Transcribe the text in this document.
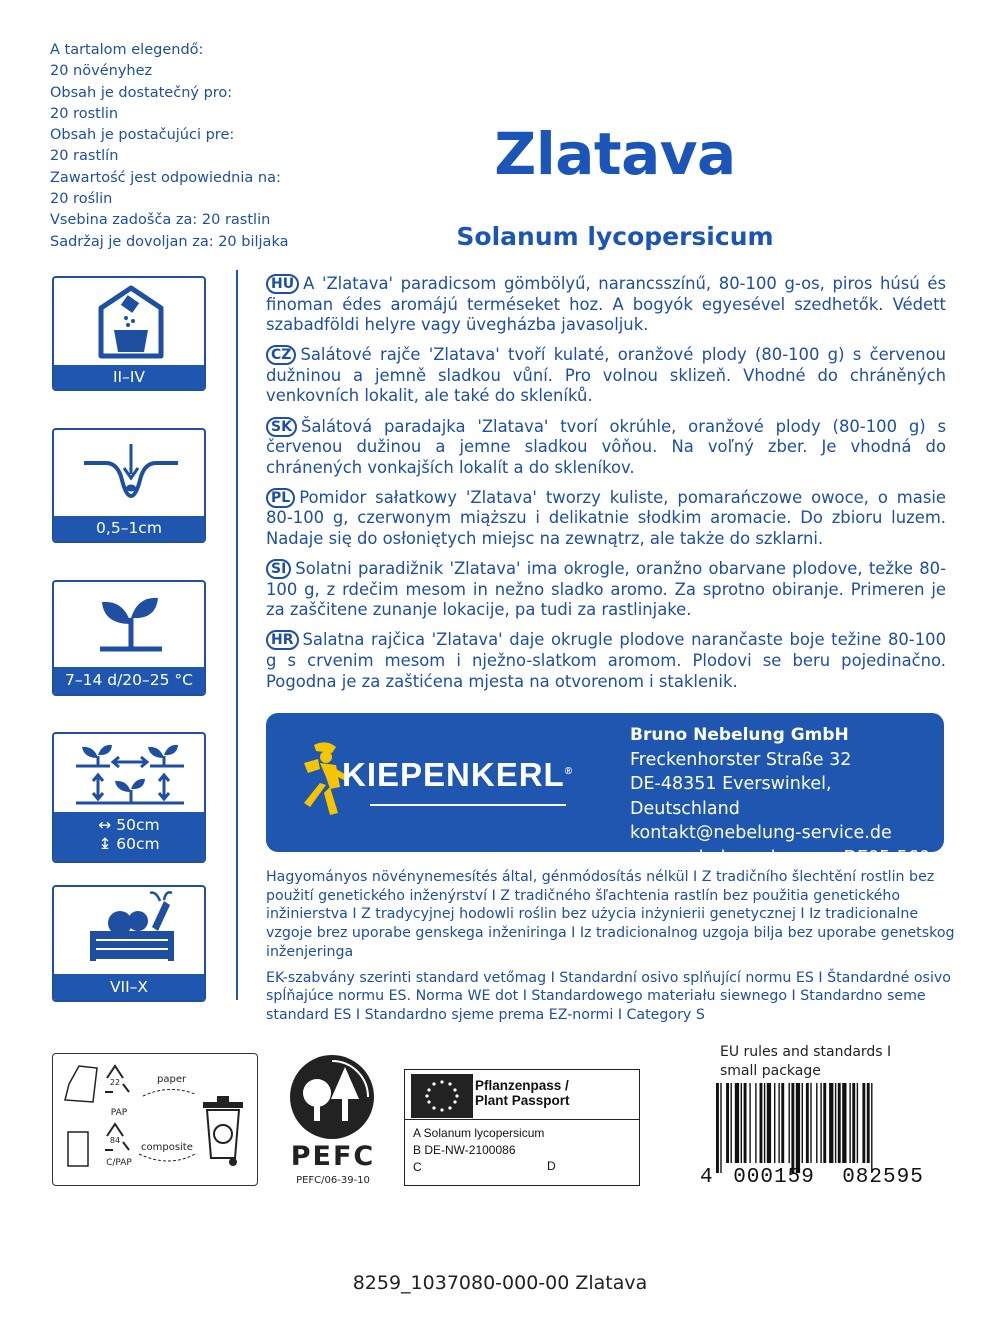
A tartalom elegendő:
20 növényhez
Obsah je dostatečný pro:
20 rostlin
Obsah je postačujúci pre:
20 rastlín
Zawartość jest odpowiednia na:
20 roślin
Vsebina zadošča za: 20 rastlin
Sadržaj je dovoljan za: 20 biljaka
Zlatava
Solanum lycopersicum
II–IV
0,5–1cm
7–14 d/20–25 °C
↔ 50cm
↨ 60cm
VII–X

HU A 'Zlatava' paradicsom gömbölyű, narancsszínű, 80-100 g-os, piros húsú és finoman édes aromájú terméseket hoz. A bogyók egyesével szedhetők. Védett szabadföldi helyre vagy üvegházba javasoljuk.

CZ Salátové rajče 'Zlatava' tvoří kulaté, oranžové plody (80-100 g) s červenou dužninou a jemně sladkou vůní. Pro volnou sklizeň. Vhodné do chráněných venkovních lokalit, ale také do skleníků.

SK Šalátová paradajka 'Zlatava' tvorí okrúhle, oranžové plody (80-100 g) s červenou dužinou a jemne sladkou vôňou. Na voľný zber. Je vhodná do chránených vonkajších lokalít a do skleníkov.

PL Pomidor sałatkowy 'Zlatava' tworzy kuliste, pomarańczowe owoce, o masie 80-100 g, czerwonym miąższu i delikatnie słodkim aromacie. Do zbioru luzem. Nadaje się do osłoniętych miejsc na zewnątrz, ale także do szklarni.

SI Solatni paradižnik 'Zlatava' ima okrogle, oranžno obarvane plodove, težke 80-100 g, z rdečim mesom in nežno sladko aromo. Za sprotno obiranje. Primeren je za zaščitene zunanje lokacije, pa tudi za rastlinjake.

HR Salatna rajčica 'Zlatava' daje okrugle plodove narančaste boje težine 80-100 g s crvenim mesom i nježno-slatkom aromom. Plodovi se beru pojedinačno. Pogodna je za zaštićena mjesta na otvorenom i staklenik.

KIEPENKERL®
Bruno Nebelung GmbH
Freckenhorster Straße 32
DE-48351 Everswinkel, Deutschland
kontakt@nebelung-service.de
www.nebelung.de	DE05-560

Hagyományos növénynemesítés által, génmódosítás nélkül I Z tradičního šlechtění rostlin bez použití genetického inženýrství I Z tradičného šľachtenia rastlín bez použitia genetického inžinierstva I Z tradycyjnej hodowli roślin bez użycia inżynierii genetycznej I Iz tradicionalne vzgoje brez uporabe genskega inženiringa I Iz tradicionalnog uzgoja bilja bez uporabe genetskog inženjeringa

EK-szabvány szerinti standard vetőmag I Standardní osivo splňující normu ES I Štandardné osivo spĺňajúce normu ES. Norma WE dot I Standardowego materiału siewnego I Standardno seme standard ES I Standardno sjeme prema EZ-normi I Category S

paper
22
PAP
composite
84
C/PAP	PEFC
PEFC/06-39-10
Pflanzenpass /
Plant Passport
A Solanum lycopersicum
B DE-NW-2100086
C	D
EU rules and standards I
small package
4 000159	082595
8259_1037080-000-00 Zlatava
